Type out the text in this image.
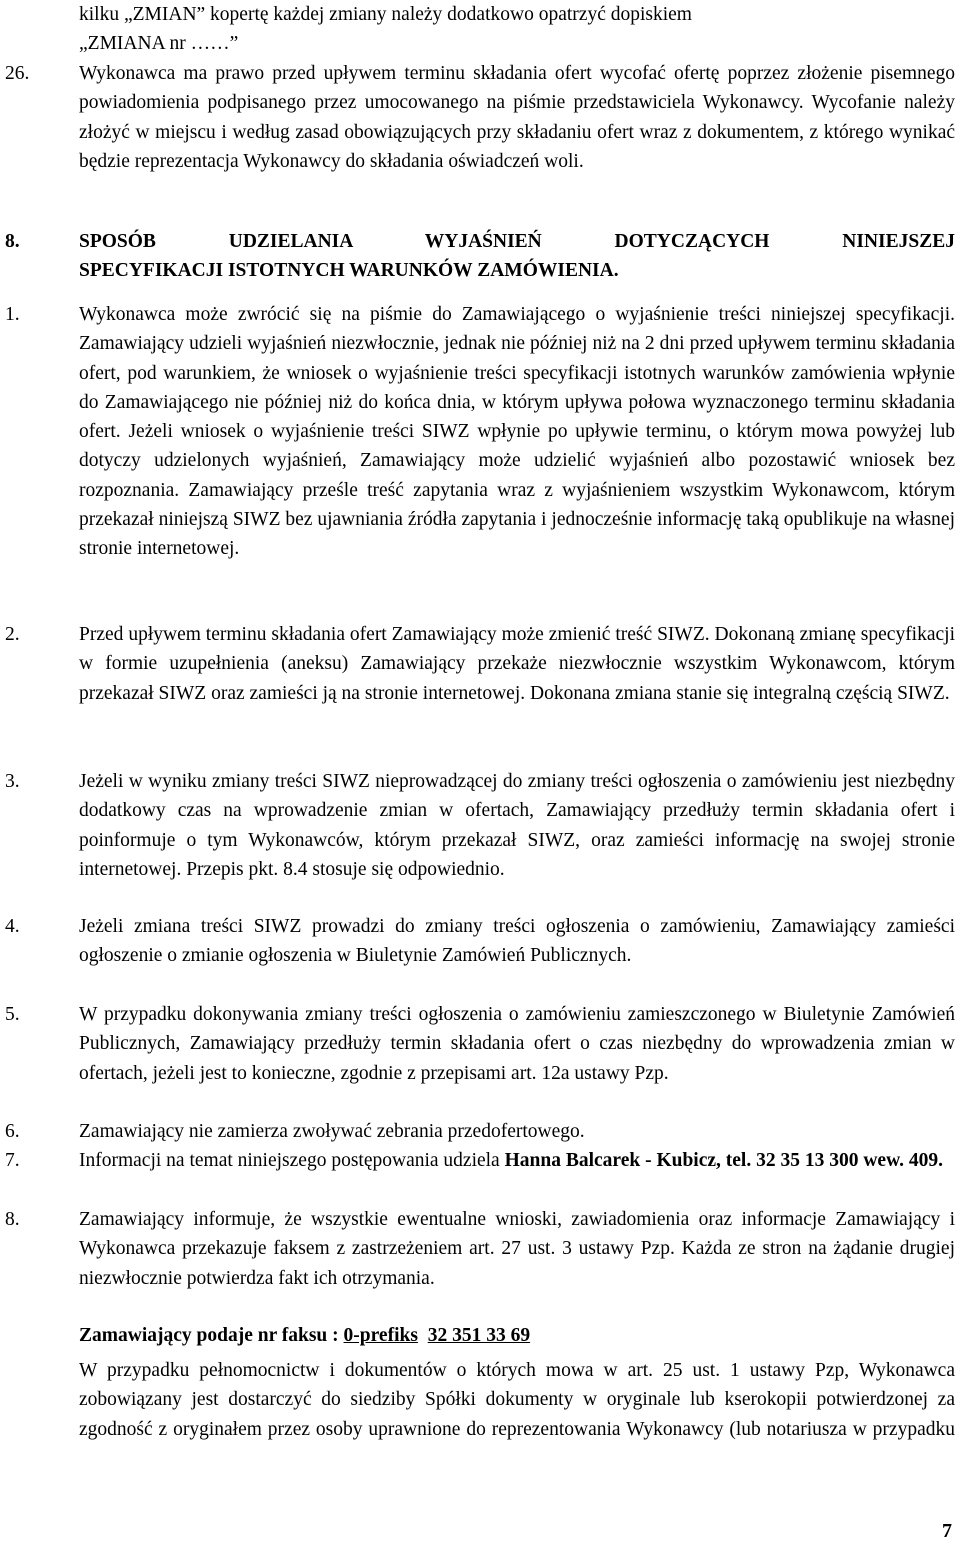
kilku „ZMIAN” kopertę każdej zmiany należy dodatkowo opatrzyć dopiskiem
„ZMIANA nr ……”
26.	Wykonawca ma prawo przed upływem terminu składania ofert wycofać ofertę poprzez złożenie pisemnego powiadomienia podpisanego przez umocowanego na piśmie przedstawiciela Wykonawcy. Wycofanie należy złożyć w miejscu i według zasad obowiązujących przy składaniu ofert wraz z dokumentem, z którego wynikać będzie reprezentacja Wykonawcy do składania oświadczeń woli.
8.	SPOSÓB UDZIELANIA WYJAŚNIEŃ DOTYCZĄCYCH NINIEJSZEJ
SPECYFIKACJI ISTOTNYCH WARUNKÓW ZAMÓWIENIA.
1.	Wykonawca może zwrócić się na piśmie do Zamawiającego o wyjaśnienie treści niniejszej specyfikacji. Zamawiający udzieli wyjaśnień niezwłocznie, jednak nie później niż na 2 dni przed upływem terminu składania ofert, pod warunkiem, że wniosek o wyjaśnienie treści specyfikacji istotnych warunków zamówienia wpłynie do Zamawiającego nie później niż do końca dnia, w którym upływa połowa wyznaczonego terminu składania ofert. Jeżeli wniosek o wyjaśnienie treści SIWZ wpłynie po upływie terminu, o którym mowa powyżej lub dotyczy udzielonych wyjaśnień, Zamawiający może udzielić wyjaśnień albo pozostawić wniosek bez rozpoznania. Zamawiający prześle treść zapytania wraz z wyjaśnieniem wszystkim Wykonawcom, którym przekazał niniejszą SIWZ bez ujawniania źródła zapytania i jednocześnie informację taką opublikuje na własnej stronie internetowej.
2.	Przed upływem terminu składania ofert Zamawiający może zmienić treść SIWZ. Dokonaną zmianę specyfikacji w formie uzupełnienia (aneksu) Zamawiający przekaże niezwłocznie wszystkim Wykonawcom, którym przekazał SIWZ oraz zamieści ją na stronie internetowej. Dokonana zmiana stanie się integralną częścią SIWZ.
3.	Jeżeli w wyniku zmiany treści SIWZ nieprowadzącej do zmiany treści ogłoszenia o zamówieniu jest niezbędny dodatkowy czas na wprowadzenie zmian w ofertach, Zamawiający przedłuży termin składania ofert i poinformuje o tym Wykonawców, którym przekazał SIWZ, oraz zamieści informację na swojej stronie internetowej. Przepis pkt. 8.4 stosuje się odpowiednio.
4.	Jeżeli zmiana treści SIWZ prowadzi do zmiany treści ogłoszenia o zamówieniu, Zamawiający zamieści ogłoszenie o zmianie ogłoszenia w Biuletynie Zamówień Publicznych.
5.	W przypadku dokonywania zmiany treści ogłoszenia o zamówieniu zamieszczonego w Biuletynie Zamówień Publicznych, Zamawiający przedłuży termin składania ofert o czas niezbędny do wprowadzenia zmian w ofertach, jeżeli jest to konieczne, zgodnie z przepisami art. 12a ustawy Pzp.
6.	Zamawiający nie zamierza zwoływać zebrania przedofertowego.
7.	Informacji na temat niniejszego postępowania udziela Hanna Balcarek - Kubicz, tel. 32 35 13 300 wew. 409.
8.	Zamawiający informuje, że wszystkie ewentualne wnioski, zawiadomienia oraz informacje Zamawiający i Wykonawca przekazuje faksem z zastrzeżeniem art. 27 ust. 3 ustawy Pzp. Każda ze stron na żądanie drugiej niezwłocznie potwierdza fakt ich otrzymania.
Zamawiający podaje nr faksu : 0-prefiks 32 351 33 69
W przypadku pełnomocnictw i dokumentów o których mowa w art. 25 ust. 1 ustawy Pzp, Wykonawca zobowiązany jest dostarczyć do siedziby Spółki dokumenty w oryginale lub kserokopii potwierdzonej za zgodność z oryginałem przez osoby uprawnione do reprezentowania Wykonawcy (lub notariusza w przypadku
7
